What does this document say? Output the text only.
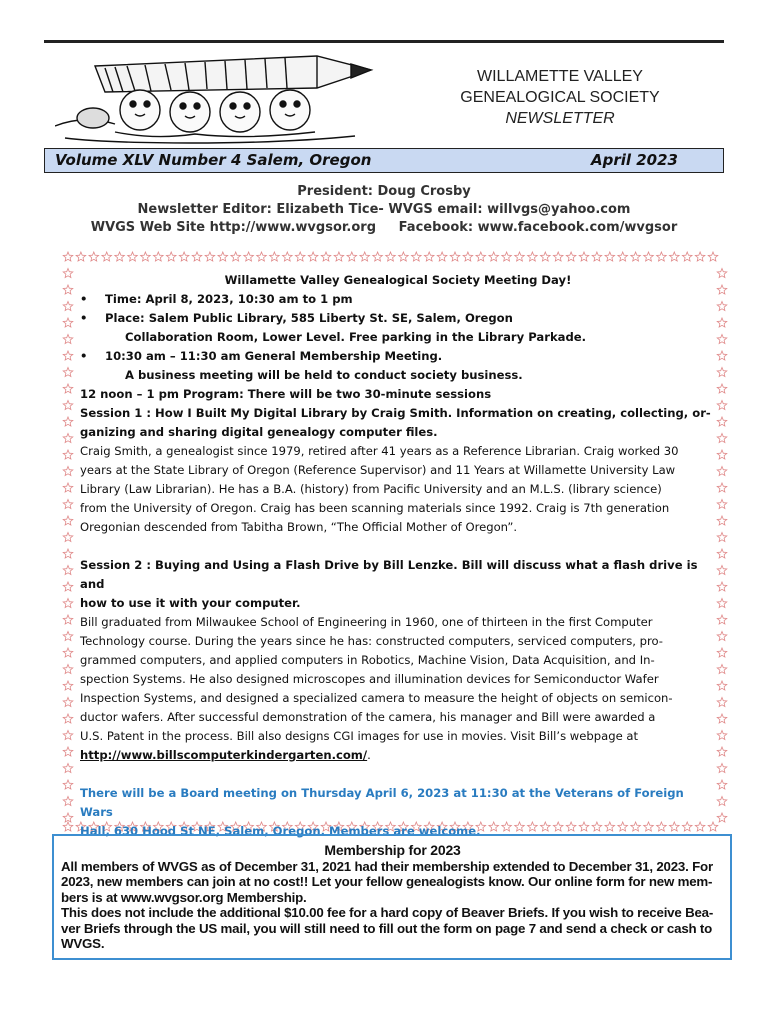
WILLAMETTE VALLEY
GENEALOGICAL SOCIETY
NEWSLETTER
Volume XLV Number 4 Salem, Oregon	April 2023
President: Doug Crosby
Newsletter Editor: Elizabeth Tice- WVGS email: willvgs@yahoo.com
WVGS Web Site http://www.wvgsor.org Facebook: www.facebook.com/wvgsor

Willamette Valley Genealogical Society Meeting Day!

• Time: April 8, 2023, 10:30 am to 1 pm
• Place: Salem Public Library, 585 Liberty St. SE, Salem, Oregon

Collaboration Room, Lower Level. Free parking in the Library Parkade.

• 10:30 am – 11:30 am General Membership Meeting.

A business meeting will be held to conduct society business.

12 noon – 1 pm Program: There will be two 30-minute sessions

Session 1 : How I Built My Digital Library by Craig Smith. Information on creating, collecting, or-

ganizing and sharing digital genealogy computer files.

Craig Smith, a genealogist since 1979, retired after 41 years as a Reference Librarian. Craig worked 30

years at the State Library of Oregon (Reference Supervisor) and 11 Years at Willamette University Law

Library (Law Librarian). He has a B.A. (history) from Pacific University and an M.L.S. (library science)

from the University of Oregon. Craig has been scanning materials since 1992. Craig is 7th generation

Oregonian descended from Tabitha Brown, “The Official Mother of Oregon”.

Session 2 : Buying and Using a Flash Drive by Bill Lenzke. Bill will discuss what a flash drive is and

how to use it with your computer.

Bill graduated from Milwaukee School of Engineering in 1960, one of thirteen in the first Computer

Technology course. During the years since he has: constructed computers, serviced computers, pro-

grammed computers, and applied computers in Robotics, Machine Vision, Data Acquisition, and In-

spection Systems. He also designed microscopes and illumination devices for Semiconductor Wafer

Inspection Systems, and designed a specialized camera to measure the height of objects on semicon-

ductor wafers. After successful demonstration of the camera, his manager and Bill were awarded a

U.S. Patent in the process. Bill also designs CGI images for use in movies. Visit Bill’s webpage at

http://www.billscomputerkindergarten.com/.

There will be a Board meeting on Thursday April 6, 2023 at 11:30 at the Veterans of Foreign Wars

Hall, 630 Hood St NE, Salem, Oregon. Members are welcome.

Membership for 2023
All members of WVGS as of December 31, 2021 had their membership extended to December 31, 2023. For
2023, new members can join at no cost!! Let your fellow genealogists know. Our online form for new mem-
bers is at www.wvgsor.org Membership.
This does not include the additional $10.00 fee for a hard copy of Beaver Briefs. If you wish to receive Bea-
ver Briefs through the US mail, you will still need to fill out the form on page 7 and send a check or cash to
WVGS.
